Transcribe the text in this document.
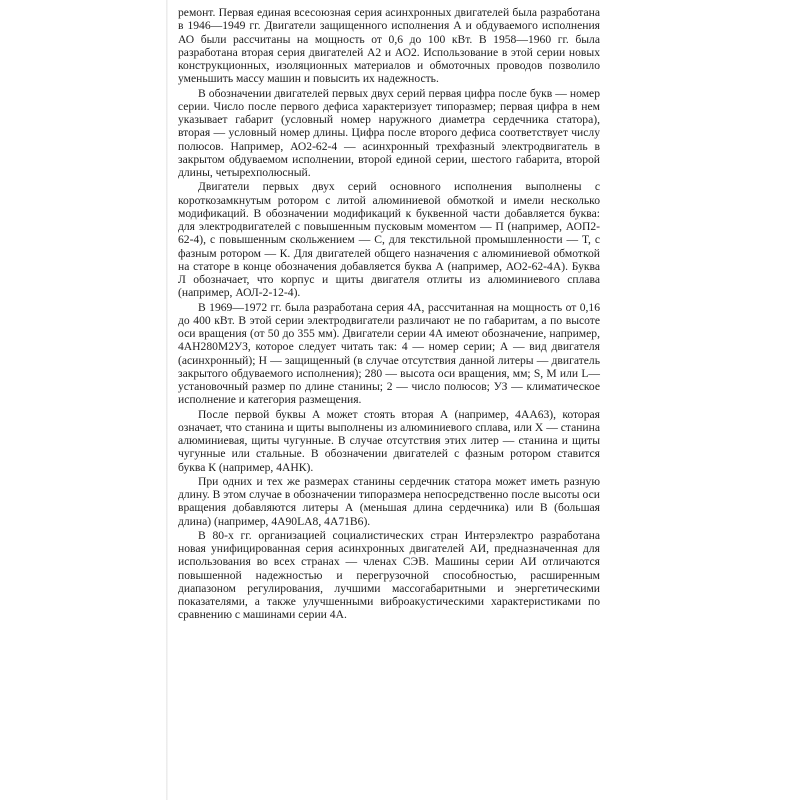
ремонт. Первая единая всесоюзная серия асинхронных двигателей была разработана в 1946—1949 гг. Двигатели защищенного исполнения А и обдуваемого исполнения АО были рассчитаны на мощность от 0,6 до 100 кВт. В 1958—1960 гг. была разработана вторая серия двигателей А2 и АО2. Использование в этой серии новых конструкционных, изоляционных материалов и обмоточных проводов позволило уменьшить массу машин и повысить их надежность.

В обозначении двигателей первых двух серий первая цифра после букв — номер серии. Число после первого дефиса характеризует типоразмер; первая цифра в нем указывает габарит (условный номер наружного диаметра сердечника статора), вторая — условный номер длины. Цифра после второго дефиса соответствует числу полюсов. Например, АО2-62-4 — асинхронный трехфазный электродвигатель в закрытом обдуваемом исполнении, второй единой серии, шестого габарита, второй длины, четырехполюсный.

Двигатели первых двух серий основного исполнения выполнены с короткозамкнутым ротором с литой алюминиевой обмоткой и имели несколько модификаций. В обозначении модификаций к буквенной части добавляется буква: для электродвигателей с повышенным пусковым моментом — П (например, АОП2-62-4), с повышенным скольжением — С, для текстильной промышленности — Т, с фазным ротором — К. Для двигателей общего назначения с алюминиевой обмоткой на статоре в конце обозначения добавляется буква А (например, АО2-62-4А). Буква Л обозначает, что корпус и щиты двигателя отлиты из алюминиевого сплава (например, АОЛ-2-12-4).

В 1969—1972 гг. была разработана серия 4А, рассчитанная на мощность от 0,16 до 400 кВт. В этой серии электродвигатели различают не по габаритам, а по высоте оси вращения (от 50 до 355 мм). Двигатели серии 4А имеют обозначение, например, 4АН280М2УЗ, которое следует читать так: 4 — номер серии; А — вид двигателя (асинхронный); Н — защищенный (в случае отсутствия данной литеры — двигатель закрытого обдуваемого исполнения); 280 — высота оси вращения, мм; S, M или L— установочный размер по длине станины; 2 — число полюсов; УЗ — климатическое исполнение и категория размещения.

После первой буквы А может стоять вторая А (например, 4АА63), которая означает, что станина и щиты выполнены из алюминиевого сплава, или Х — станина алюминиевая, щиты чугунные. В случае отсутствия этих литер — станина и щиты чугунные или стальные. В обозначении двигателей с фазным ротором ставится буква К (например, 4АНК).

При одних и тех же размерах станины сердечник статора может иметь разную длину. В этом случае в обозначении типоразмера непосредственно после высоты оси вращения добавляются литеры А (меньшая длина сердечника) или В (большая длина) (например, 4А90LA8, 4А71В6).

В 80-х гг. организацией социалистических стран Интерэлектро разработана новая унифицированная серия асинхронных двигателей АИ, предназначенная для использования во всех странах — членах СЭВ. Машины серии АИ отличаются повышенной надежностью и перегрузочной способностью, расширенным диапазоном регулирования, лучшими массогабаритными и энергетическими показателями, а также улучшенными виброакустическими характеристиками по сравнению с машинами серии 4А.
